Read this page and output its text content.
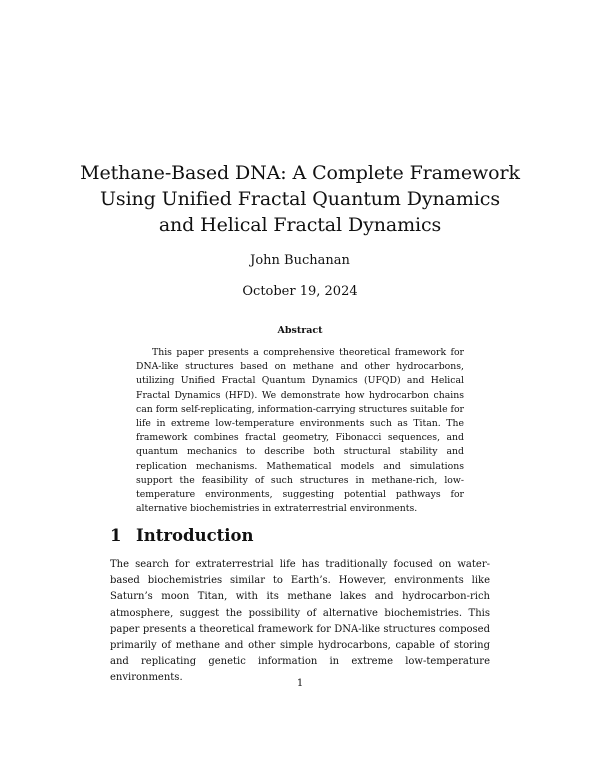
Methane-Based DNA: A Complete Framework Using Unified Fractal Quantum Dynamics and Helical Fractal Dynamics
John Buchanan
October 19, 2024
Abstract

This paper presents a comprehensive theoretical framework for DNA-like structures based on methane and other hydrocarbons, utilizing Unified Fractal Quantum Dynamics (UFQD) and Helical Fractal Dynamics (HFD). We demonstrate how hydrocarbon chains can form self-replicating, information-carrying structures suitable for life in extreme low-temperature environments such as Titan. The framework combines fractal geometry, Fibonacci sequences, and quantum mechanics to describe both structural stability and replication mechanisms. Mathematical models and simulations support the feasibility of such structures in methane-rich, low-temperature environments, suggesting potential pathways for alternative biochemistries in extraterrestrial environments.

1 Introduction

The search for extraterrestrial life has traditionally focused on water-based biochemistries similar to Earth’s. However, environments like Saturn’s moon Titan, with its methane lakes and hydrocarbon-rich atmosphere, suggest the possibility of alternative biochemistries. This paper presents a theoretical framework for DNA-like structures composed primarily of methane and other simple hydrocarbons, capable of storing and replicating genetic information in extreme low-temperature environments.

1
